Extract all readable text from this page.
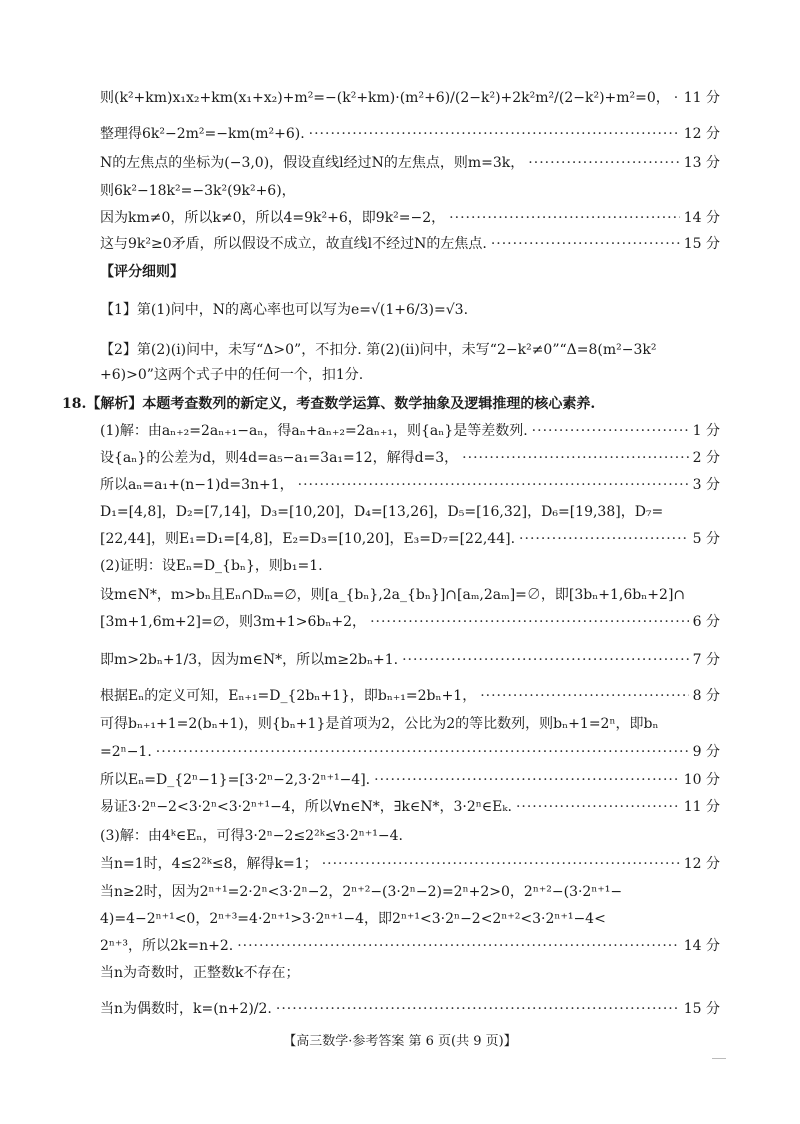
则(k²+km)x₁x₂+km(x₁+x₂)+m²=−(k²+km)·(m²+6)/(2−k²)+2k²m²/(2−k²)+m²=0， ····· 11 分
整理得6k²−2m²=−km(m²+6). ·····	12 分
N的左焦点的坐标为(−3,0)，假设直线l经过N的左焦点，则m=3k， ·····	13 分
则6k²−18k²=−3k²(9k²+6)，
因为km≠0，所以k≠0，所以4=9k²+6，即9k²=−2， ·····	14 分
这与9k²≥0矛盾，所以假设不成立，故直线l不经过N的左焦点. ·····	15 分
【评分细则】
【1】第(1)问中，N的离心率也可以写为e=√(1+6/3)=√3.
【2】第(2)(ⅰ)问中，未写“Δ>0”，不扣分. 第(2)(ⅱ)问中，未写“2−k²≠0”“Δ=8(m²−3k²
+6)>0”这两个式子中的任何一个，扣1分.
18.【解析】本题考查数列的新定义，考查数学运算、数学抽象及逻辑推理的核心素养.
(1)解：由aₙ₊₂=2aₙ₊₁−aₙ，得aₙ+aₙ₊₂=2aₙ₊₁，则{aₙ}是等差数列. ·····	1 分
设{aₙ}的公差为d，则4d=a₅−a₁=3a₁=12，解得d=3， ·····	2 分
所以aₙ=a₁+(n−1)d=3n+1， ·····	3 分
D₁=[4,8]，D₂=[7,14]，D₃=[10,20]，D₄=[13,26]，D₅=[16,32]，D₆=[19,38]，D₇=
[22,44]，则E₁=D₁=[4,8]，E₂=D₃=[10,20]，E₃=D₇=[22,44]. ·····	5 分
(2)证明：设Eₙ=D_{bₙ}，则b₁=1.
设m∈N*，m>bₙ且Eₙ∩Dₘ=∅，则[a_{bₙ},2a_{bₙ}]∩[aₘ,2aₘ]=∅，即[3bₙ+1,6bₙ+2]∩
[3m+1,6m+2]=∅，则3m+1>6bₙ+2， ·····	6 分
即m>2bₙ+1/3，因为m∈N*，所以m≥2bₙ+1. ·····	7 分
根据Eₙ的定义可知，Eₙ₊₁=D_{2bₙ+1}，即bₙ₊₁=2bₙ+1， ·····	8 分
可得bₙ₊₁+1=2(bₙ+1)，则{bₙ+1}是首项为2，公比为2的等比数列，则bₙ+1=2ⁿ，即bₙ
=2ⁿ−1. ·····	9 分
所以Eₙ=D_{2ⁿ−1}=[3·2ⁿ−2,3·2ⁿ⁺¹−4]. ·····	10 分
易证3·2ⁿ−2<3·2ⁿ<3·2ⁿ⁺¹−4，所以∀n∈N*，∃k∈N*，3·2ⁿ∈Eₖ. ·····	11 分
(3)解：由4ᵏ∈Eₙ，可得3·2ⁿ−2≤2²ᵏ≤3·2ⁿ⁺¹−4.
当n=1时，4≤2²ᵏ≤8，解得k=1； ·····	12 分
当n≥2时，因为2ⁿ⁺¹=2·2ⁿ<3·2ⁿ−2，2ⁿ⁺²−(3·2ⁿ−2)=2ⁿ+2>0，2ⁿ⁺²−(3·2ⁿ⁺¹−
4)=4−2ⁿ⁺¹<0，2ⁿ⁺³=4·2ⁿ⁺¹>3·2ⁿ⁺¹−4，即2ⁿ⁺¹<3·2ⁿ−2<2ⁿ⁺²<3·2ⁿ⁺¹−4<
2ⁿ⁺³，所以2k=n+2. ·····	14 分
当n为奇数时，正整数k不存在；
当n为偶数时，k=(n+2)/2. ·····	15 分
【高三数学·参考答案 第 6 页(共 9 页)】
